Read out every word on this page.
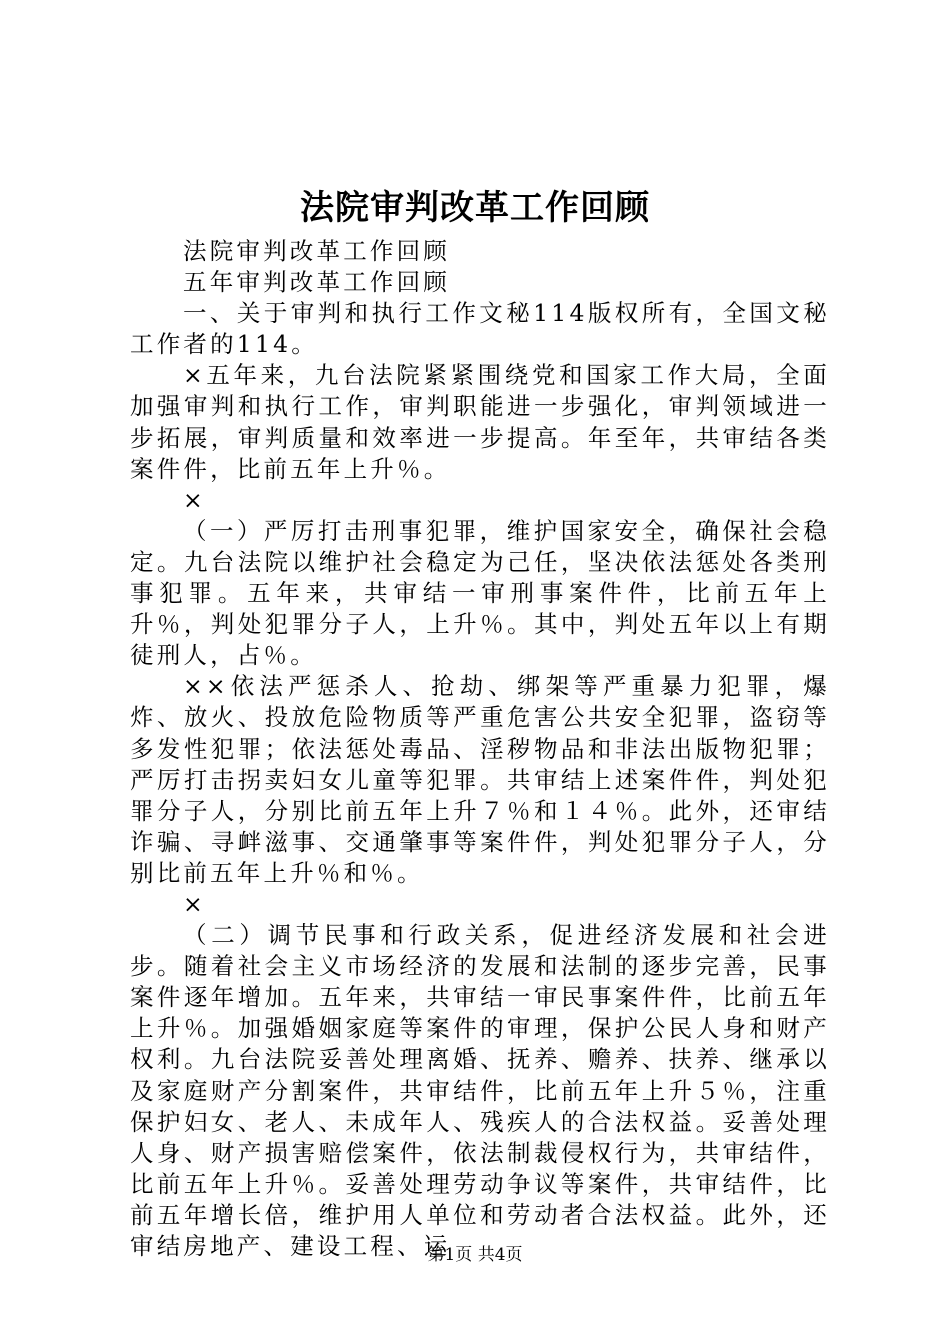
法院审判改革工作回顾

法院审判改革工作回顾

五年审判改革工作回顾

一、关于审判和执行工作文秘114版权所有，全国文秘工作者的114。

×五年来，九台法院紧紧围绕党和国家工作大局，全面加强审判和执行工作，审判职能进一步强化，审判领域进一步拓展，审判质量和效率进一步提高。年至年，共审结各类案件件，比前五年上升％。

×

（一）严厉打击刑事犯罪，维护国家安全，确保社会稳定。九台法院以维护社会稳定为己任，坚决依法惩处各类刑事犯罪。五年来，共审结一审刑事案件件，比前五年上升％，判处犯罪分子人，上升％。其中，判处五年以上有期徒刑人，占％。

××依法严惩杀人、抢劫、绑架等严重暴力犯罪，爆炸、放火、投放危险物质等严重危害公共安全犯罪，盗窃等多发性犯罪；依法惩处毒品、淫秽物品和非法出版物犯罪；严厉打击拐卖妇女儿童等犯罪。共审结上述案件件，判处犯罪分子人，分别比前五年上升７％和１４％。此外，还审结诈骗、寻衅滋事、交通肇事等案件件，判处犯罪分子人，分别比前五年上升％和％。

×

（二）调节民事和行政关系，促进经济发展和社会进步。随着社会主义市场经济的发展和法制的逐步完善，民事案件逐年增加。五年来，共审结一审民事案件件，比前五年上升％。加强婚姻家庭等案件的审理，保护公民人身和财产权利。九台法院妥善处理离婚、抚养、赡养、扶养、继承以及家庭财产分割案件，共审结件，比前五年上升５％，注重保护妇女、老人、未成年人、残疾人的合法权益。妥善处理人身、财产损害赔偿案件，依法制裁侵权行为，共审结件，比前五年上升％。妥善处理劳动争议等案件，共审结件，比前五年增长倍，维护用人单位和劳动者合法权益。此外，还审结房地产、建设工程、运

第1页 共4页
